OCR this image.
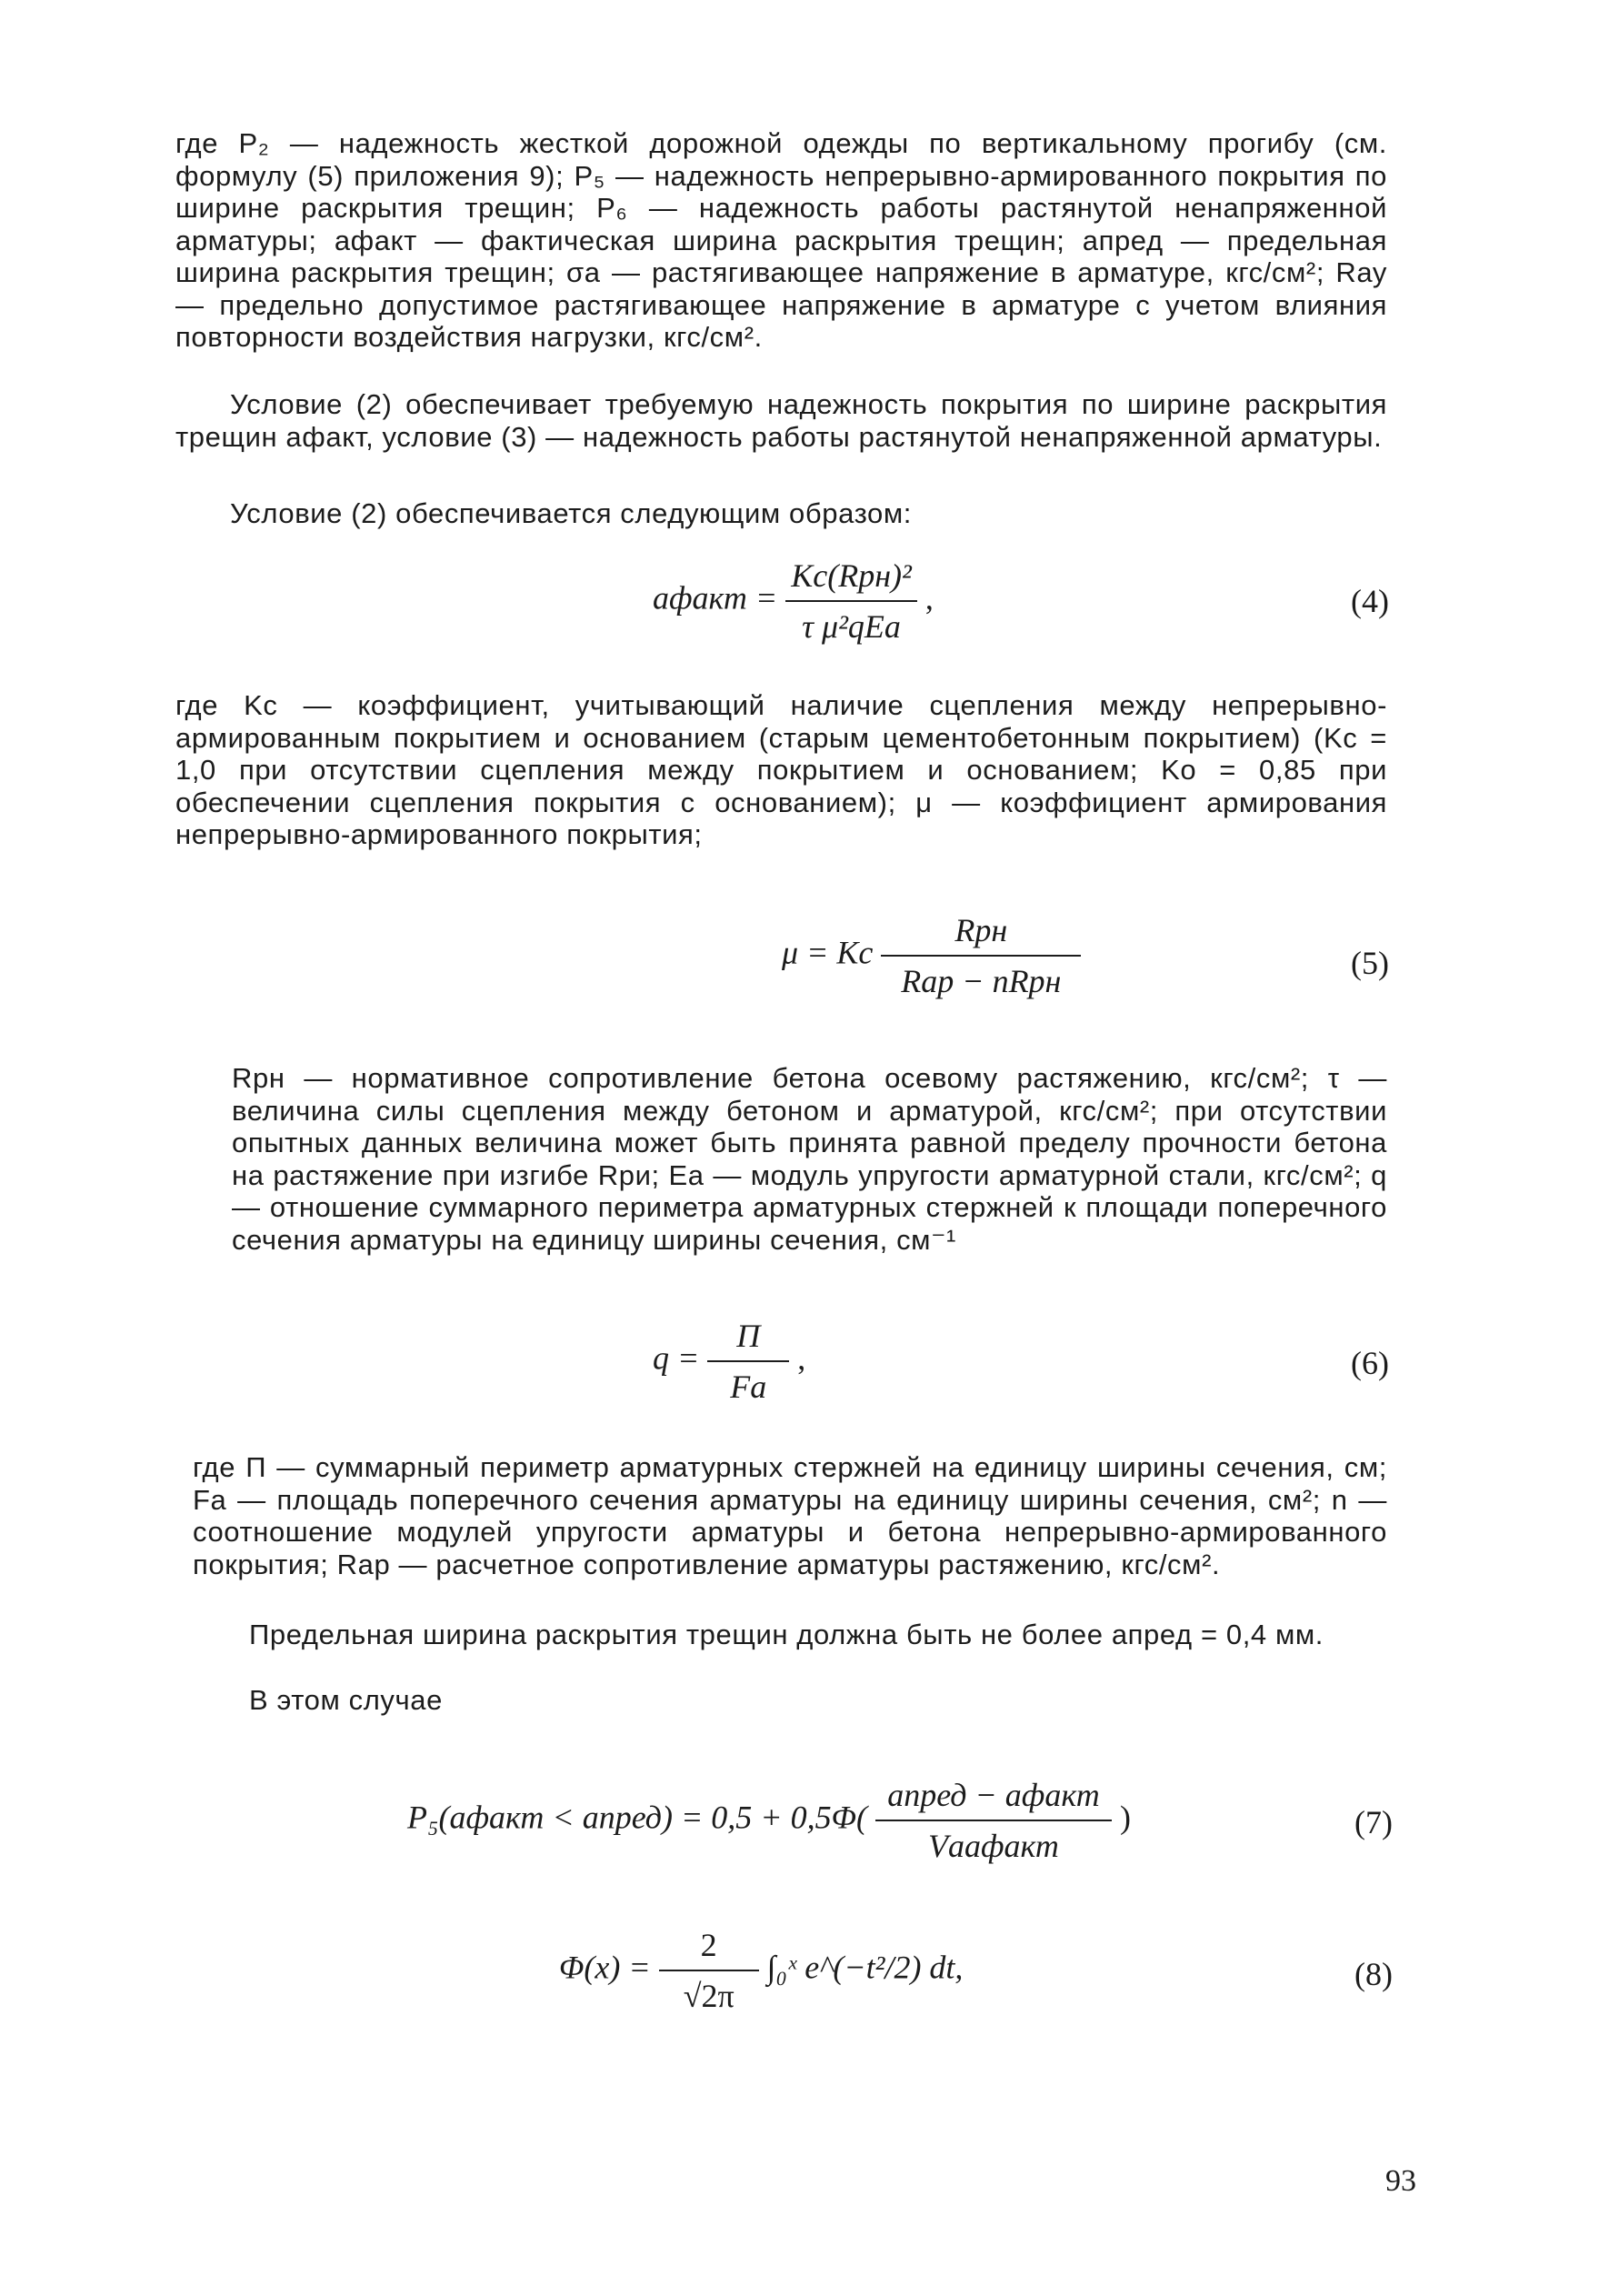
где P₂ — надежность жесткой дорожной одежды по вертикальному прогибу (см. формулу (5) приложения 9); P₅ — надежность непрерывно-армированного покрытия по ширине раскрытия трещин; P₆ — надежность работы растянутой ненапряженной арматуры; aфакт — фактическая ширина раскрытия трещин; aпред — предельная ширина раскрытия трещин; σа — растягивающее напряжение в арматуре, кгс/см²; Rау — предельно допустимое растягивающее напряжение в арматуре с учетом влияния повторности воздействия нагрузки, кгс/см².
Условие (2) обеспечивает требуемую надежность покрытия по ширине раскрытия трещин aфакт, условие (3) — надежность работы растянутой ненапряженной арматуры.
Условие (2) обеспечивается следующим образом:
aфакт = $\frac{\text{Kс(Rpн)²}}{\text{τ μ²qEа}}$ ,	(4)
где Kс — коэффициент, учитывающий наличие сцепления между непрерывно-армированным покрытием и основанием (старым цементобетонным покрытием) (Kс = 1,0 при отсутствии сцепления между покрытием и основанием; Kо = 0,85 при обеспечении сцепления покрытия с основанием); μ — коэффициент армирования непрерывно-армированного покрытия;
μ = Kс $\frac{\text{Rpн}}{\text{Rаp − nRpн}}$	(5)
Rpн — нормативное сопротивление бетона осевому растяжению, кгс/см²; τ — величина силы сцепления между бетоном и арматурой, кгс/см²; при отсутствии опытных данных величина может быть принята равной пределу прочности бетона на растяжение при изгибе Rри; Eа — модуль упругости арматурной стали, кгс/см²; q — отношение суммарного периметра арматурных стержней к площади поперечного сечения арматуры на единицу ширины сечения, см⁻¹
$q = \frac{П}{Fа}$ ,	(6)
где П — суммарный периметр арматурных стержней на единицу ширины сечения, см; Fа — площадь поперечного сечения арматуры на единицу ширины сечения, см²; n — соотношение модулей упругости арматуры и бетона непрерывно-армированного покрытия; Rаp — расчетное сопротивление арматуры растяжению, кгс/см².
Предельная ширина раскрытия трещин должна быть не более aпред = 0,4 мм.
В этом случае
P₅(aфакт < aпред) = $0,5 + 0,5\Phi( \frac{\text{aпред − aфакт}}{\text{Vаaфакт}}$ )	(7)
$\Phi(x) = \frac{2}{√2\pi}$ ∫₀ˣ e^(−t²/2) dt,	(8)
93
